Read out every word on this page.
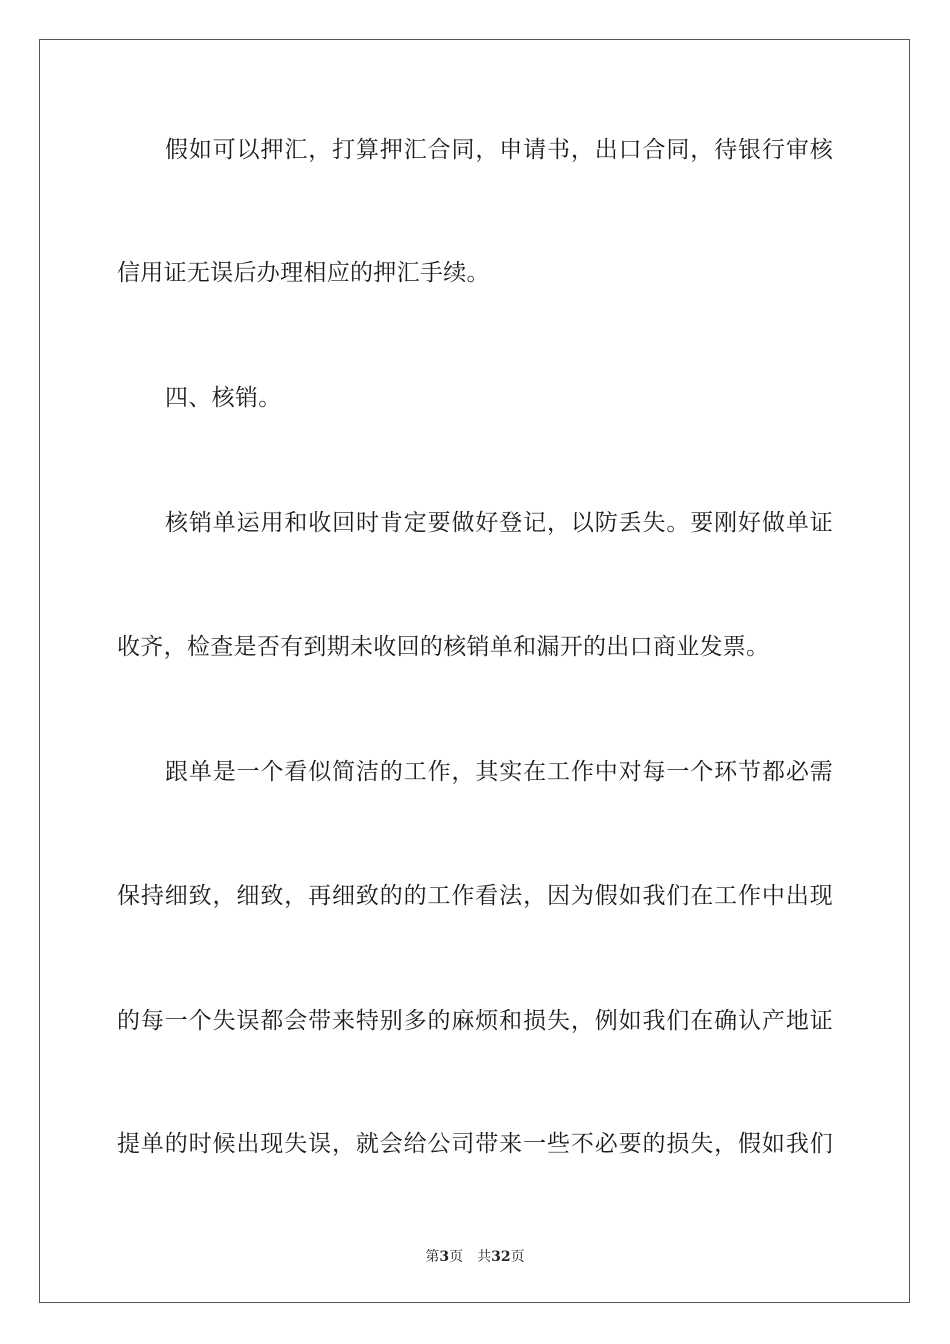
假如可以押汇，打算押汇合同，申请书，出口合同，待银行审核
信用证无误后办理相应的押汇手续。
四、核销。
核销单运用和收回时肯定要做好登记，以防丢失。要刚好做单证
收齐，检查是否有到期未收回的核销单和漏开的出口商业发票。
跟单是一个看似简洁的工作，其实在工作中对每一个环节都必需
保持细致，细致，再细致的的工作看法，因为假如我们在工作中出现
的每一个失误都会带来特别多的麻烦和损失，例如我们在确认产地证
提单的时候出现失误，就会给公司带来一些不必要的损失，假如我们
第3页 共32页
